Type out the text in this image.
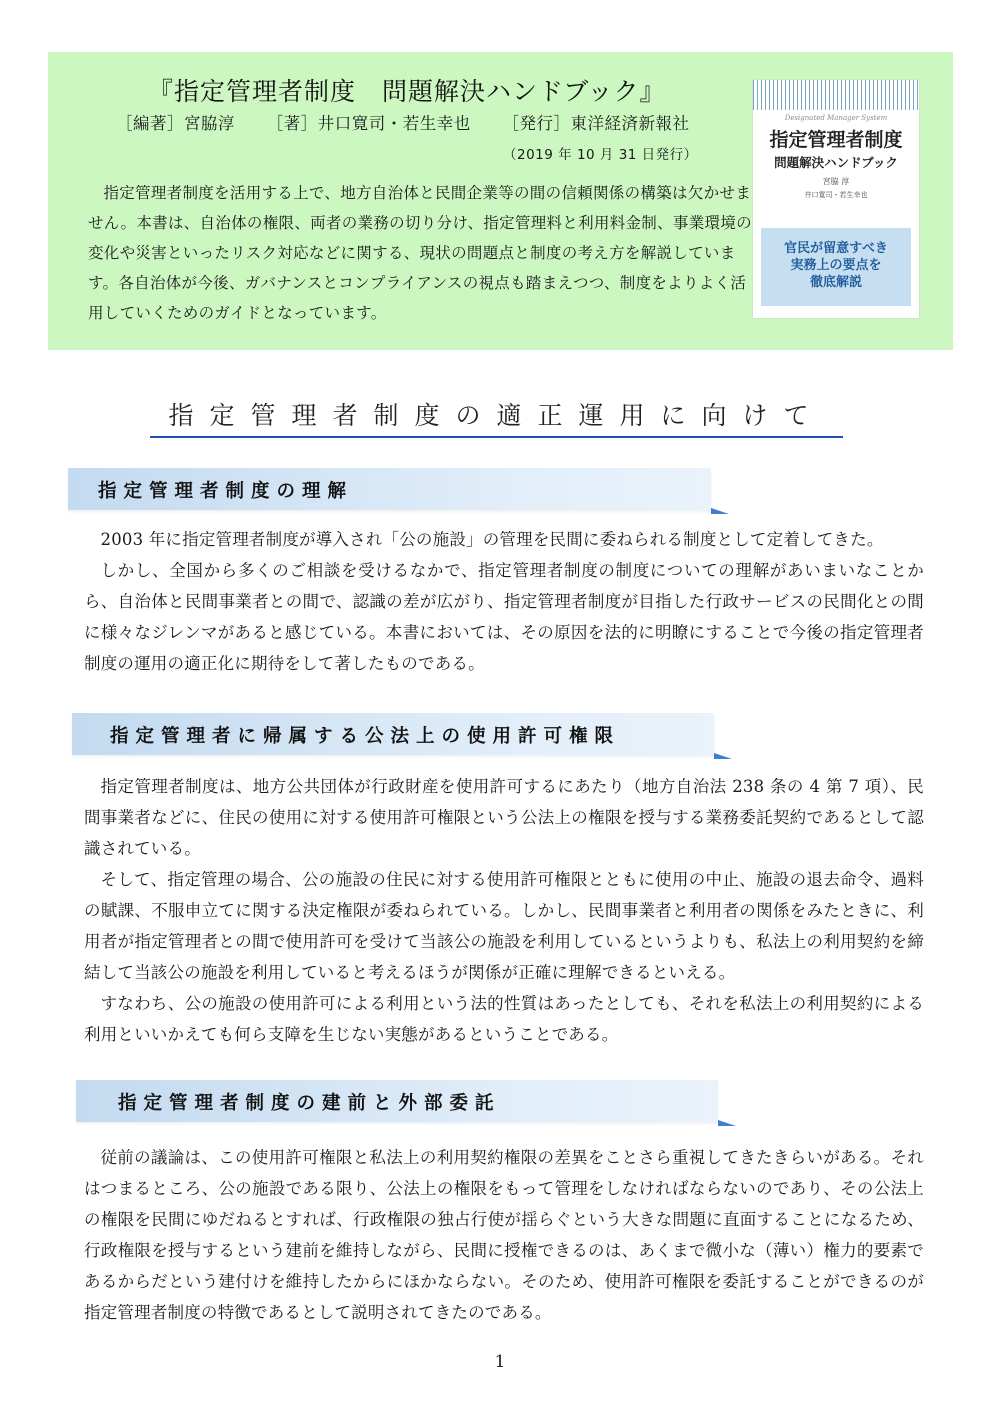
『指定管理者制度　問題解決ハンドブック』
［編著］宮脇淳 ［著］井口寛司・若生幸也 ［発行］東洋経済新報社
（2019 年 10 月 31 日発行）

指定管理者制度を活用する上で、地方自治体と民間企業等の間の信頼関係の構築は欠かせません。本書は、自治体の権限、両者の業務の切り分け、指定管理料と利用料金制、事業環境の変化や災害といったリスク対応などに関する、現状の問題点と制度の考え方を解説しています。各自治体が今後、ガバナンスとコンプライアンスの視点も踏まえつつ、制度をよりよく活用していくためのガイドとなっています。

Designated Manager System
指定管理者制度
問題解決ハンドブック
宮脇 淳
井口寛司・若生幸也
官民が留意すべき
実務上の要点を
徹底解説
指定管理者制度の適正運用に向けて
指定管理者制度の理解

2003 年に指定管理者制度が導入され「公の施設」の管理を民間に委ねられる制度として定着してきた。

しかし、全国から多くのご相談を受けるなかで、指定管理者制度の制度についての理解があいまいなことから、自治体と民間事業者との間で、認識の差が広がり、指定管理者制度が目指した行政サービスの民間化との間に様々なジレンマがあると感じている。本書においては、その原因を法的に明瞭にすることで今後の指定管理者制度の運用の適正化に期待をして著したものである。

指定管理者に帰属する公法上の使用許可権限

指定管理者制度は、地方公共団体が行政財産を使用許可するにあたり（地方自治法 238 条の 4 第 7 項）、民間事業者などに、住民の使用に対する使用許可権限という公法上の権限を授与する業務委託契約であるとして認識されている。

そして、指定管理の場合、公の施設の住民に対する使用許可権限とともに使用の中止、施設の退去命令、過料の賦課、不服申立てに関する決定権限が委ねられている。しかし、民間事業者と利用者の関係をみたときに、利用者が指定管理者との間で使用許可を受けて当該公の施設を利用しているというよりも、私法上の利用契約を締結して当該公の施設を利用していると考えるほうが関係が正確に理解できるといえる。

すなわち、公の施設の使用許可による利用という法的性質はあったとしても、それを私法上の利用契約による利用といいかえても何ら支障を生じない実態があるということである。

指定管理者制度の建前と外部委託

従前の議論は、この使用許可権限と私法上の利用契約権限の差異をことさら重視してきたきらいがある。それはつまるところ、公の施設である限り、公法上の権限をもって管理をしなければならないのであり、その公法上の権限を民間にゆだねるとすれば、行政権限の独占行使が揺らぐという大きな問題に直面することになるため、行政権限を授与するという建前を維持しながら、民間に授権できるのは、あくまで微小な（薄い）権力的要素であるからだという建付けを維持したからにほかならない。そのため、使用許可権限を委託することができるのが指定管理者制度の特徴であるとして説明されてきたのである。

1
